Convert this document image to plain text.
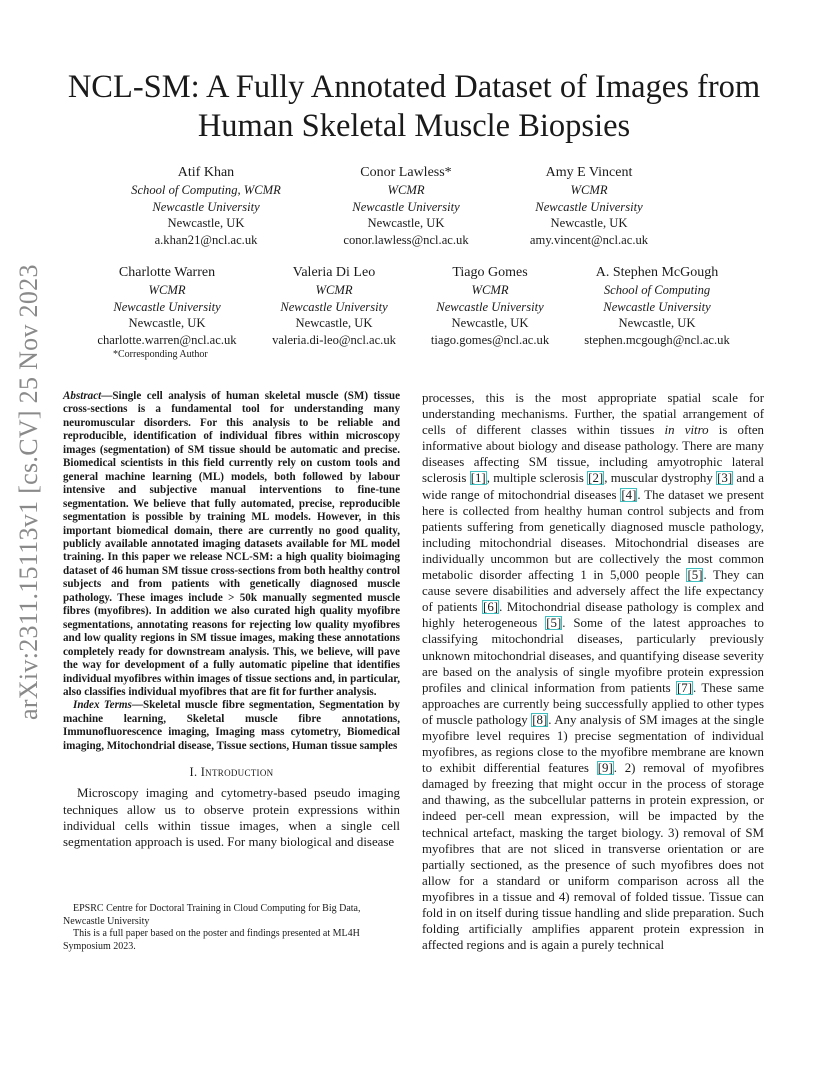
arXiv:2311.15113v1 [cs.CV] 25 Nov 2023
NCL-SM: A Fully Annotated Dataset of Images from Human Skeletal Muscle Biopsies
Atif Khan
School of Computing, WCMR
Newcastle University
Newcastle, UK
a.khan21@ncl.ac.uk
Conor Lawless*
WCMR
Newcastle University
Newcastle, UK
conor.lawless@ncl.ac.uk
Amy E Vincent
WCMR
Newcastle University
Newcastle, UK
amy.vincent@ncl.ac.uk
Charlotte Warren
WCMR
Newcastle University
Newcastle, UK
charlotte.warren@ncl.ac.uk
Valeria Di Leo
WCMR
Newcastle University
Newcastle, UK
valeria.di-leo@ncl.ac.uk
Tiago Gomes
WCMR
Newcastle University
Newcastle, UK
tiago.gomes@ncl.ac.uk
A. Stephen McGough
School of Computing
Newcastle University
Newcastle, UK
stephen.mcgough@ncl.ac.uk
*Corresponding Author

Abstract—Single cell analysis of human skeletal muscle (SM) tissue cross-sections is a fundamental tool for understanding many neuromuscular disorders. For this analysis to be reliable and reproducible, identification of individual fibres within microscopy images (segmentation) of SM tissue should be automatic and precise. Biomedical scientists in this field currently rely on custom tools and general machine learning (ML) models, both followed by labour intensive and subjective manual interventions to fine-tune segmentation. We believe that fully automated, precise, reproducible segmentation is possible by training ML models. However, in this important biomedical domain, there are currently no good quality, publicly available annotated imaging datasets available for ML model training. In this paper we release NCL-SM: a high quality bioimaging dataset of 46 human SM tissue cross-sections from both healthy control subjects and from patients with genetically diagnosed muscle pathology. These images include > 50k manually segmented muscle fibres (myofibres). In addition we also curated high quality myofibre segmentations, annotating reasons for rejecting low quality myofibres and low quality regions in SM tissue images, making these annotations completely ready for downstream analysis. This, we believe, will pave the way for development of a fully automatic pipeline that identifies individual myofibres within images of tissue sections and, in particular, also classifies individual myofibres that are fit for further analysis.

Index Terms—Skeletal muscle fibre segmentation, Segmentation by machine learning, Skeletal muscle fibre annotations, Immunofluorescence imaging, Imaging mass cytometry, Biomedical imaging, Mitochondrial disease, Tissue sections, Human tissue samples

I. Introduction

Microscopy imaging and cytometry-based pseudo imaging techniques allow us to observe protein expressions within individual cells within tissue images, when a single cell segmentation approach is used. For many biological and disease

EPSRC Centre for Doctoral Training in Cloud Computing for Big Data, Newcastle University

This is a full paper based on the poster and findings presented at ML4H Symposium 2023.

processes, this is the most appropriate spatial scale for understanding mechanisms. Further, the spatial arrangement of cells of different classes within tissues in vitro is often informative about biology and disease pathology. There are many diseases affecting SM tissue, including amyotrophic lateral sclerosis [1], multiple sclerosis [2], muscular dystrophy [3] and a wide range of mitochondrial diseases [4]. The dataset we present here is collected from healthy human control subjects and from patients suffering from genetically diagnosed muscle pathology, including mitochondrial diseases. Mitochondrial diseases are individually uncommon but are collectively the most common metabolic disorder affecting 1 in 5,000 people [5]. They can cause severe disabilities and adversely affect the life expectancy of patients [6]. Mitochondrial disease pathology is complex and highly heterogeneous [5]. Some of the latest approaches to classifying mitochondrial diseases, particularly previously unknown mitochondrial diseases, and quantifying disease severity are based on the analysis of single myofibre protein expression profiles and clinical information from patients [7]. These same approaches are currently being successfully applied to other types of muscle pathology [8]. Any analysis of SM images at the single myofibre level requires 1) precise segmentation of individual myofibres, as regions close to the myofibre membrane are known to exhibit differential features [9]. 2) removal of myofibres damaged by freezing that might occur in the process of storage and thawing, as the subcellular patterns in protein expression, or indeed per-cell mean expression, will be impacted by the technical artefact, masking the target biology. 3) removal of SM myofibres that are not sliced in transverse orientation or are partially sectioned, as the presence of such myofibres does not allow for a standard or uniform comparison across all the myofibres in a tissue and 4) removal of folded tissue. Tissue can fold in on itself during tissue handling and slide preparation. Such folding artificially amplifies apparent protein expression in affected regions and is again a purely technical
